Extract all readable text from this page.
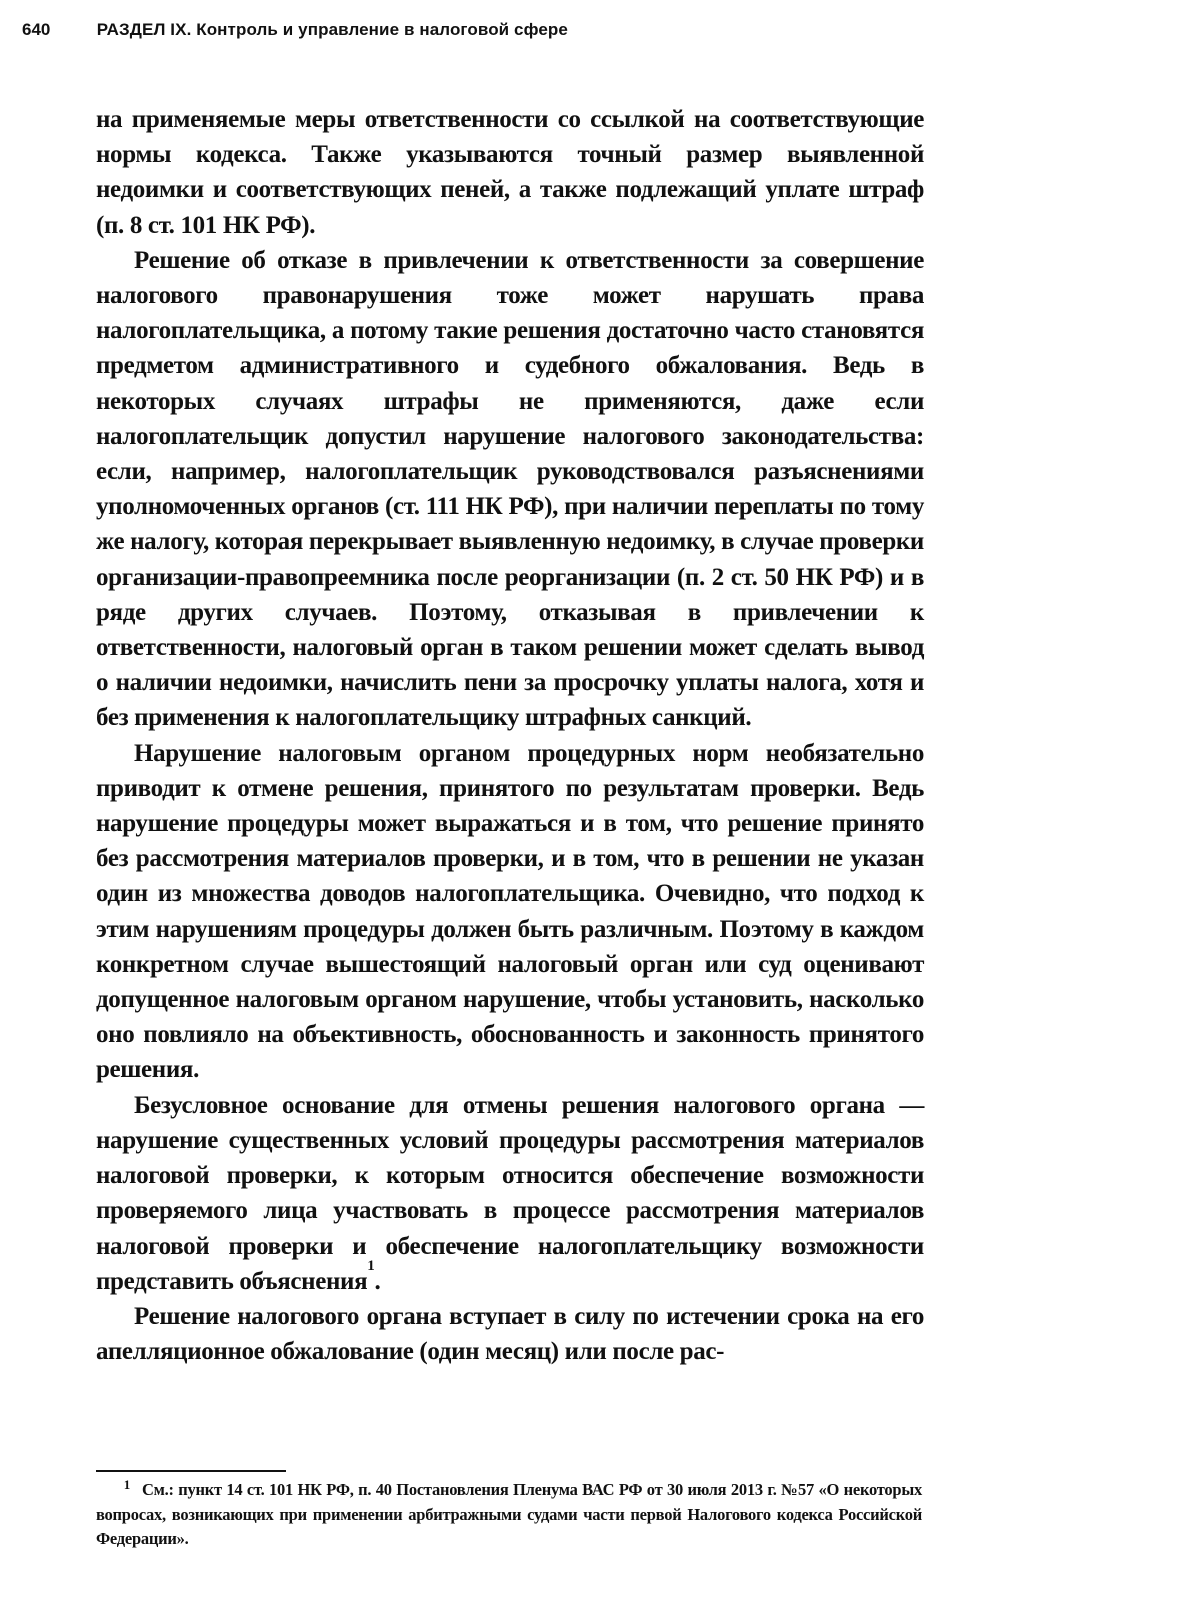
640	РАЗДЕЛ IX. Контроль и управление в налоговой сфере

на применяемые меры ответственности со ссылкой на соответствующие нормы кодекса. Также указываются точный размер выявленной недоимки и соответствующих пеней, а также подлежащий уплате штраф (п. 8 ст. 101 НК РФ).

Решение об отказе в привлечении к ответственности за совершение налогового правонарушения тоже может нарушать права налогоплательщика, а потому такие решения достаточно часто становятся предметом административного и судебного обжалования. Ведь в некоторых случаях штрафы не применяются, даже если налогоплательщик допустил нарушение налогового законодательства: если, например, налогоплательщик руководствовался разъяснениями уполномоченных органов (ст. 111 НК РФ), при наличии переплаты по тому же налогу, которая перекрывает выявленную недоимку, в случае проверки организации-правопреемника после реорганизации (п. 2 ст. 50 НК РФ) и в ряде других случаев. Поэтому, отказывая в привлечении к ответственности, налоговый орган в таком решении может сделать вывод о наличии недоимки, начислить пени за просрочку уплаты налога, хотя и без применения к налогоплательщику штрафных санкций.

Нарушение налоговым органом процедурных норм необязательно приводит к отмене решения, принятого по результатам проверки. Ведь нарушение процедуры может выражаться и в том, что решение принято без рассмотрения материалов проверки, и в том, что в решении не указан один из множества доводов налогоплательщика. Очевидно, что подход к этим нарушениям процедуры должен быть различным. Поэтому в каждом конкретном случае вышестоящий налоговый орган или суд оценивают допущенное налоговым органом нарушение, чтобы установить, насколько оно повлияло на объективность, обоснованность и законность принятого решения.

Безусловное основание для отмены решения налогового органа — нарушение существенных условий процедуры рассмотрения материалов налоговой проверки, к которым относится обеспечение возможности проверяемого лица участвовать в процессе рассмотрения материалов налоговой проверки и обеспечение налогоплательщику возможности представить объяснения$^1$.

Решение налогового органа вступает в силу по истечении срока на его апелляционное обжалование (один месяц) или после рас-

1 См.: пункт 14 ст. 101 НК РФ, п. 40 Постановления Пленума ВАС РФ от 30 июля 2013 г. №57 «О некоторых вопросах, возникающих при применении арбитражными судами части первой Налогового кодекса Российской Федерации».
